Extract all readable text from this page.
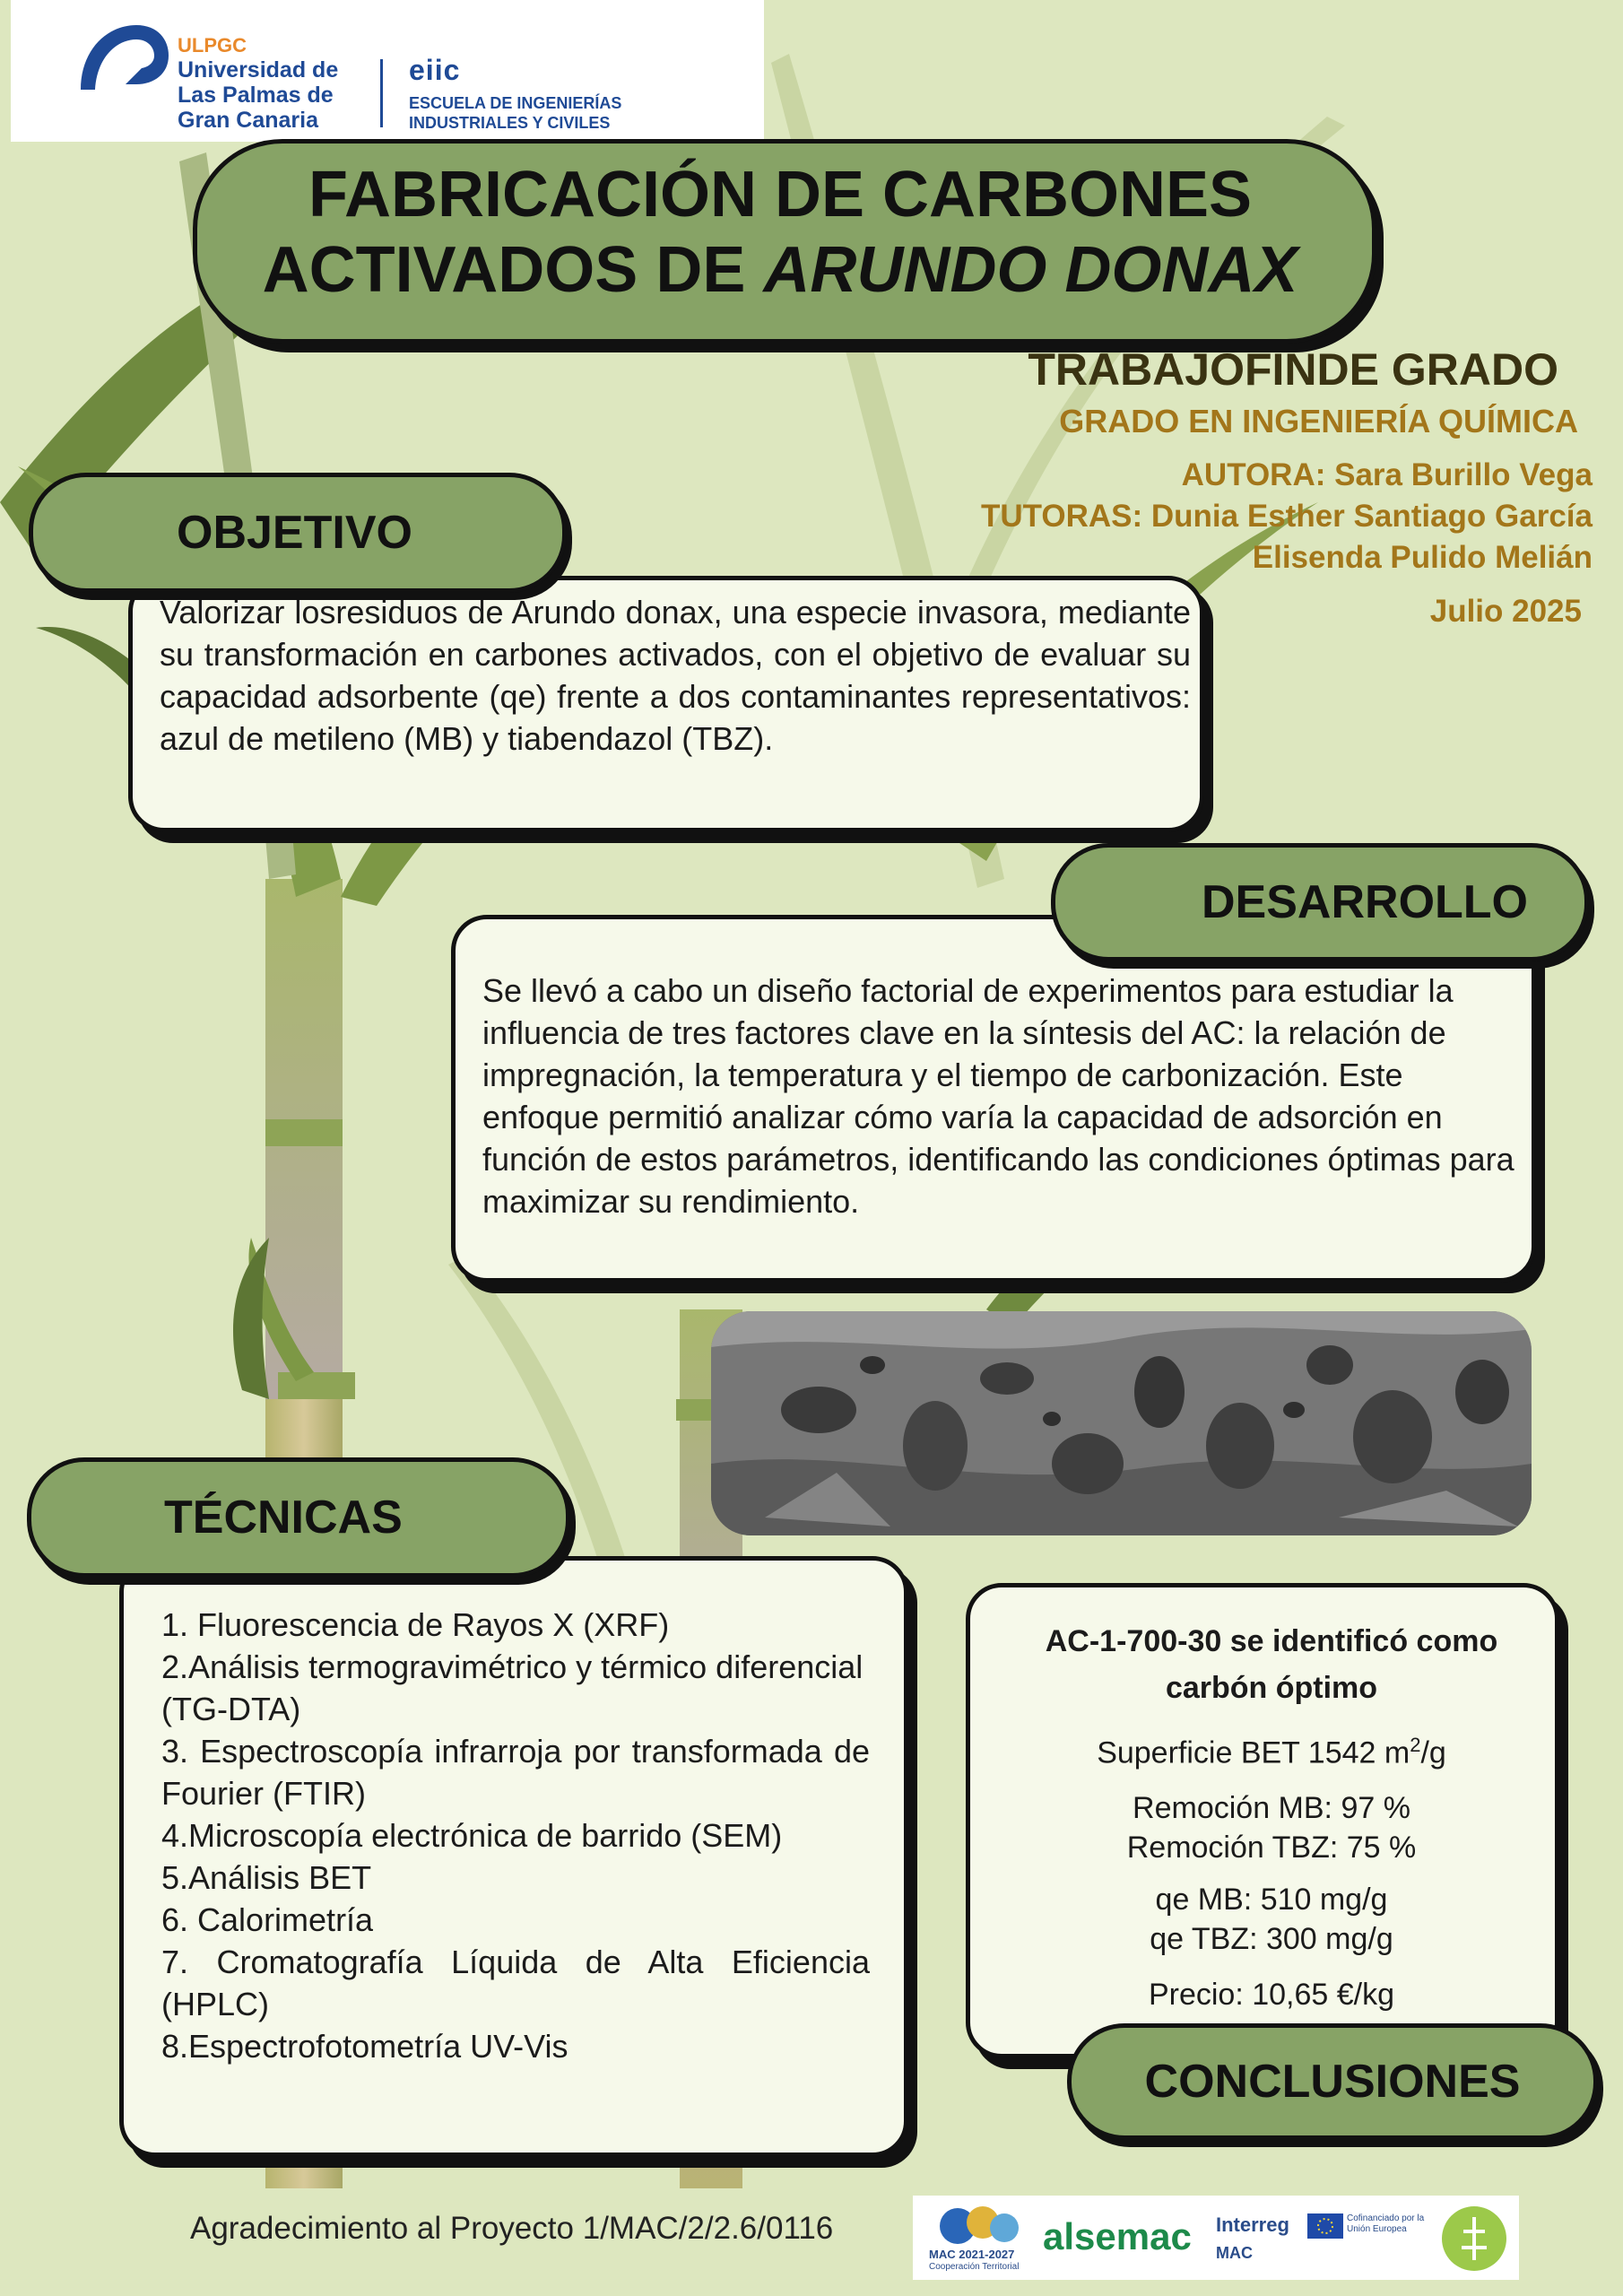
ULPGC
Universidad de Las Palmas de Gran Canaria
eiic
ESCUELA DE INGENIERÍAS INDUSTRIALES Y CIVILES
FABRICACIÓN DE CARBONES
ACTIVADOS DE ARUNDO DONAX
TRABAJOFINDE GRADO
GRADO EN INGENIERÍA QUÍMICA
AUTORA: Sara Burillo Vega
TUTORAS: Dunia Esther Santiago García
Elisenda Pulido Melián
Julio 2025
Valorizar losresiduos de Arundo donax, una especie invasora, mediante su transformación en carbones activados, con el objetivo de evaluar su capacidad adsorbente (qe) frente a dos contaminantes representativos: azul de metileno (MB) y tiabendazol (TBZ).
OBJETIVO
Se llevó a cabo un diseño factorial de experimentos para estudiar la influencia de tres factores clave en la síntesis del AC: la relación de impregnación, la temperatura y el tiempo de carbonización. Este enfoque permitió analizar cómo varía la capacidad de adsorción en función de estos parámetros, identificando las condiciones óptimas para maximizar su rendimiento.
DESARROLLO
1. Fluorescencia de Rayos X (XRF)
2.Análisis termogravimétrico y térmico diferencial (TG-DTA)
3. Espectroscopía infrarroja por transformada de Fourier (FTIR)
4.Microscopía electrónica de barrido (SEM)
5.Análisis BET
6. Calorimetría
7. Cromatografía Líquida de Alta Eficiencia (HPLC)
8.Espectrofotometría UV-Vis
TÉCNICAS
AC-1-700-30 se identificó como carbón óptimo
Superficie BET 1542 $m^2/g$
Remoción MB: 97 %
Remoción TBZ: 75 %
qe MB: 510 mg/g
qe TBZ: 300 mg/g
Precio: 10,65 €/kg
CONCLUSIONES
Agradecimiento al Proyecto 1/MAC/2/2.6/0116
MAC 2021-2027
Cooperación Territorial
alsemac Interreg
MAC
Cofinanciado por la Unión Europea
